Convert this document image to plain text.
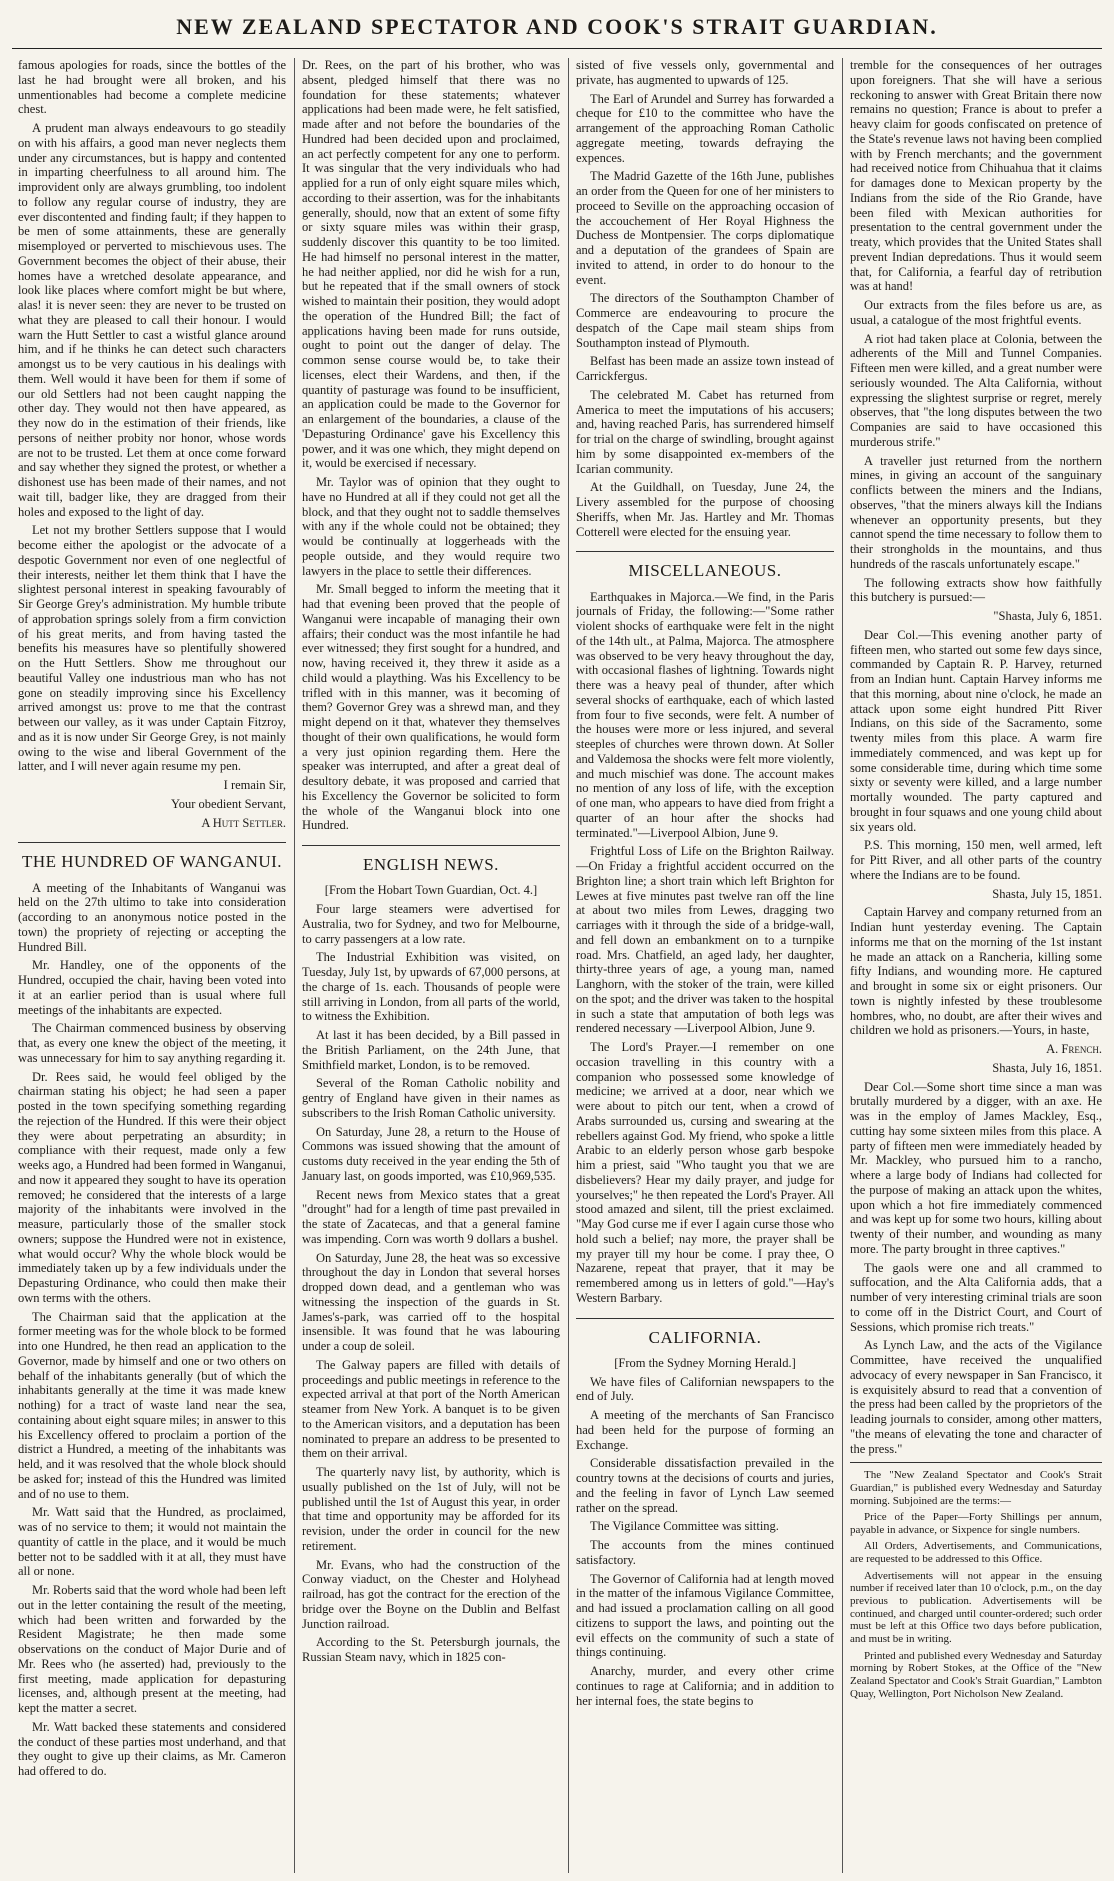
NEW ZEALAND SPECTATOR AND COOK'S STRAIT GUARDIAN.

famous apologies for roads, since the bottles of the last he had brought were all broken, and his unmentionables had become a complete medicine chest.

A prudent man always endeavours to go steadily on with his affairs, a good man never neglects them under any circumstances, but is happy and contented in imparting cheerfulness to all around him. The improvident only are always grumbling, too indolent to follow any regular course of industry, they are ever discontented and finding fault; if they happen to be men of some attainments, these are generally misemployed or perverted to mischievous uses. The Government becomes the object of their abuse, their homes have a wretched desolate appearance, and look like places where comfort might be but where, alas! it is never seen: they are never to be trusted on what they are pleased to call their honour. I would warn the Hutt Settler to cast a wistful glance around him, and if he thinks he can detect such characters amongst us to be very cautious in his dealings with them. Well would it have been for them if some of our old Settlers had not been caught napping the other day. They would not then have appeared, as they now do in the estimation of their friends, like persons of neither probity nor honor, whose words are not to be trusted. Let them at once come forward and say whether they signed the protest, or whether a dishonest use has been made of their names, and not wait till, badger like, they are dragged from their holes and exposed to the light of day.

Let not my brother Settlers suppose that I would become either the apologist or the advocate of a despotic Government nor even of one neglectful of their interests, neither let them think that I have the slightest personal interest in speaking favourably of Sir George Grey's administration. My humble tribute of approbation springs solely from a firm conviction of his great merits, and from having tasted the benefits his measures have so plentifully showered on the Hutt Settlers. Show me throughout our beautiful Valley one industrious man who has not gone on steadily improving since his Excellency arrived amongst us: prove to me that the contrast between our valley, as it was under Captain Fitzroy, and as it is now under Sir George Grey, is not mainly owing to the wise and liberal Government of the latter, and I will never again resume my pen.

I remain Sir,

Your obedient Servant,

A Hutt Settler.

THE HUNDRED OF WANGANUI.

A meeting of the Inhabitants of Wanganui was held on the 27th ultimo to take into consideration (according to an anonymous notice posted in the town) the propriety of rejecting or accepting the Hundred Bill.

Mr. Handley, one of the opponents of the Hundred, occupied the chair, having been voted into it at an earlier period than is usual where full meetings of the inhabitants are expected.

The Chairman commenced business by observing that, as every one knew the object of the meeting, it was unnecessary for him to say anything regarding it.

Dr. Rees said, he would feel obliged by the chairman stating his object; he had seen a paper posted in the town specifying something regarding the rejection of the Hundred. If this were their object they were about perpetrating an absurdity; in compliance with their request, made only a few weeks ago, a Hundred had been formed in Wanganui, and now it appeared they sought to have its operation removed; he considered that the interests of a large majority of the inhabitants were involved in the measure, particularly those of the smaller stock owners; suppose the Hundred were not in existence, what would occur? Why the whole block would be immediately taken up by a few individuals under the Depasturing Ordinance, who could then make their own terms with the others.

The Chairman said that the application at the former meeting was for the whole block to be formed into one Hundred, he then read an application to the Governor, made by himself and one or two others on behalf of the inhabitants generally (but of which the inhabitants generally at the time it was made knew nothing) for a tract of waste land near the sea, containing about eight square miles; in answer to this his Excellency offered to proclaim a portion of the district a Hundred, a meeting of the inhabitants was held, and it was resolved that the whole block should be asked for; instead of this the Hundred was limited and of no use to them.

Mr. Watt said that the Hundred, as proclaimed, was of no service to them; it would not maintain the quantity of cattle in the place, and it would be much better not to be saddled with it at all, they must have all or none.

Mr. Roberts said that the word whole had been left out in the letter containing the result of the meeting, which had been written and forwarded by the Resident Magistrate; he then made some observations on the conduct of Major Durie and of Mr. Rees who (he asserted) had, previously to the first meeting, made application for depasturing licenses, and, although present at the meeting, had kept the matter a secret.

Mr. Watt backed these statements and considered the conduct of these parties most underhand, and that they ought to give up their claims, as Mr. Cameron had offered to do.

Dr. Rees, on the part of his brother, who was absent, pledged himself that there was no foundation for these statements; whatever applications had been made were, he felt satisfied, made after and not before the boundaries of the Hundred had been decided upon and proclaimed, an act perfectly competent for any one to perform. It was singular that the very individuals who had applied for a run of only eight square miles which, according to their assertion, was for the inhabitants generally, should, now that an extent of some fifty or sixty square miles was within their grasp, suddenly discover this quantity to be too limited. He had himself no personal interest in the matter, he had neither applied, nor did he wish for a run, but he repeated that if the small owners of stock wished to maintain their position, they would adopt the operation of the Hundred Bill; the fact of applications having been made for runs outside, ought to point out the danger of delay. The common sense course would be, to take their licenses, elect their Wardens, and then, if the quantity of pasturage was found to be insufficient, an application could be made to the Governor for an enlargement of the boundaries, a clause of the 'Depasturing Ordinance' gave his Excellency this power, and it was one which, they might depend on it, would be exercised if necessary.

Mr. Taylor was of opinion that they ought to have no Hundred at all if they could not get all the block, and that they ought not to saddle themselves with any if the whole could not be obtained; they would be continually at loggerheads with the people outside, and they would require two lawyers in the place to settle their differences.

Mr. Small begged to inform the meeting that it had that evening been proved that the people of Wanganui were incapable of managing their own affairs; their conduct was the most infantile he had ever witnessed; they first sought for a hundred, and now, having received it, they threw it aside as a child would a plaything. Was his Excellency to be trifled with in this manner, was it becoming of them? Governor Grey was a shrewd man, and they might depend on it that, whatever they themselves thought of their own qualifications, he would form a very just opinion regarding them. Here the speaker was interrupted, and after a great deal of desultory debate, it was proposed and carried that his Excellency the Governor be solicited to form the whole of the Wanganui block into one Hundred.

ENGLISH NEWS.

[From the Hobart Town Guardian, Oct. 4.]

Four large steamers were advertised for Australia, two for Sydney, and two for Melbourne, to carry passengers at a low rate.

The Industrial Exhibition was visited, on Tuesday, July 1st, by upwards of 67,000 persons, at the charge of 1s. each. Thousands of people were still arriving in London, from all parts of the world, to witness the Exhibition.

At last it has been decided, by a Bill passed in the British Parliament, on the 24th June, that Smithfield market, London, is to be removed.

Several of the Roman Catholic nobility and gentry of England have given in their names as subscribers to the Irish Roman Catholic university.

On Saturday, June 28, a return to the House of Commons was issued showing that the amount of customs duty received in the year ending the 5th of January last, on goods imported, was £10,969,535.

Recent news from Mexico states that a great "drought" had for a length of time past prevailed in the state of Zacatecas, and that a general famine was impending. Corn was worth 9 dollars a bushel.

On Saturday, June 28, the heat was so excessive throughout the day in London that several horses dropped down dead, and a gentleman who was witnessing the inspection of the guards in St. James's-park, was carried off to the hospital insensible. It was found that he was labouring under a coup de soleil.

The Galway papers are filled with details of proceedings and public meetings in reference to the expected arrival at that port of the North American steamer from New York. A banquet is to be given to the American visitors, and a deputation has been nominated to prepare an address to be presented to them on their arrival.

The quarterly navy list, by authority, which is usually published on the 1st of July, will not be published until the 1st of August this year, in order that time and opportunity may be afforded for its revision, under the order in council for the new retirement.

Mr. Evans, who had the construction of the Conway viaduct, on the Chester and Holyhead railroad, has got the contract for the erection of the bridge over the Boyne on the Dublin and Belfast Junction railroad.

According to the St. Petersburgh journals, the Russian Steam navy, which in 1825 con-

sisted of five vessels only, governmental and private, has augmented to upwards of 125.

The Earl of Arundel and Surrey has forwarded a cheque for £10 to the committee who have the arrangement of the approaching Roman Catholic aggregate meeting, towards defraying the expences.

The Madrid Gazette of the 16th June, publishes an order from the Queen for one of her ministers to proceed to Seville on the approaching occasion of the accouchement of Her Royal Highness the Duchess de Montpensier. The corps diplomatique and a deputation of the grandees of Spain are invited to attend, in order to do honour to the event.

The directors of the Southampton Chamber of Commerce are endeavouring to procure the despatch of the Cape mail steam ships from Southampton instead of Plymouth.

Belfast has been made an assize town instead of Carrickfergus.

The celebrated M. Cabet has returned from America to meet the imputations of his accusers; and, having reached Paris, has surrendered himself for trial on the charge of swindling, brought against him by some disappointed ex-members of the Icarian community.

At the Guildhall, on Tuesday, June 24, the Livery assembled for the purpose of choosing Sheriffs, when Mr. Jas. Hartley and Mr. Thomas Cotterell were elected for the ensuing year.

MISCELLANEOUS.

Earthquakes in Majorca.—We find, in the Paris journals of Friday, the following:—"Some rather violent shocks of earthquake were felt in the night of the 14th ult., at Palma, Majorca. The atmosphere was observed to be very heavy throughout the day, with occasional flashes of lightning. Towards night there was a heavy peal of thunder, after which several shocks of earthquake, each of which lasted from four to five seconds, were felt. A number of the houses were more or less injured, and several steeples of churches were thrown down. At Soller and Valdemosa the shocks were felt more violently, and much mischief was done. The account makes no mention of any loss of life, with the exception of one man, who appears to have died from fright a quarter of an hour after the shocks had terminated."—Liverpool Albion, June 9.

Frightful Loss of Life on the Brighton Railway.—On Friday a frightful accident occurred on the Brighton line; a short train which left Brighton for Lewes at five minutes past twelve ran off the line at about two miles from Lewes, dragging two carriages with it through the side of a bridge-wall, and fell down an embankment on to a turnpike road. Mrs. Chatfield, an aged lady, her daughter, thirty-three years of age, a young man, named Langhorn, with the stoker of the train, were killed on the spot; and the driver was taken to the hospital in such a state that amputation of both legs was rendered necessary —Liverpool Albion, June 9.

The Lord's Prayer.—I remember on one occasion travelling in this country with a companion who possessed some knowledge of medicine; we arrived at a door, near which we were about to pitch our tent, when a crowd of Arabs surrounded us, cursing and swearing at the rebellers against God. My friend, who spoke a little Arabic to an elderly person whose garb bespoke him a priest, said "Who taught you that we are disbelievers? Hear my daily prayer, and judge for yourselves;" he then repeated the Lord's Prayer. All stood amazed and silent, till the priest exclaimed. "May God curse me if ever I again curse those who hold such a belief; nay more, the prayer shall be my prayer till my hour be come. I pray thee, O Nazarene, repeat that prayer, that it may be remembered among us in letters of gold."—Hay's Western Barbary.

CALIFORNIA.

[From the Sydney Morning Herald.]

We have files of Californian newspapers to the end of July.

A meeting of the merchants of San Francisco had been held for the purpose of forming an Exchange.

Considerable dissatisfaction prevailed in the country towns at the decisions of courts and juries, and the feeling in favor of Lynch Law seemed rather on the spread.

The Vigilance Committee was sitting.

The accounts from the mines continued satisfactory.

The Governor of California had at length moved in the matter of the infamous Vigilance Committee, and had issued a proclamation calling on all good citizens to support the laws, and pointing out the evil effects on the community of such a state of things continuing.

Anarchy, murder, and every other crime continues to rage at California; and in addition to her internal foes, the state begins to

tremble for the consequences of her outrages upon foreigners. That she will have a serious reckoning to answer with Great Britain there now remains no question; France is about to prefer a heavy claim for goods confiscated on pretence of the State's revenue laws not having been complied with by French merchants; and the government had received notice from Chihuahua that it claims for damages done to Mexican property by the Indians from the side of the Rio Grande, have been filed with Mexican authorities for presentation to the central government under the treaty, which provides that the United States shall prevent Indian depredations. Thus it would seem that, for California, a fearful day of retribution was at hand!

Our extracts from the files before us are, as usual, a catalogue of the most frightful events.

A riot had taken place at Colonia, between the adherents of the Mill and Tunnel Companies. Fifteen men were killed, and a great number were seriously wounded. The Alta California, without expressing the slightest surprise or regret, merely observes, that "the long disputes between the two Companies are said to have occasioned this murderous strife."

A traveller just returned from the northern mines, in giving an account of the sanguinary conflicts between the miners and the Indians, observes, "that the miners always kill the Indians whenever an opportunity presents, but they cannot spend the time necessary to follow them to their strongholds in the mountains, and thus hundreds of the rascals unfortunately escape."

The following extracts show how faithfully this butchery is pursued:—

"Shasta, July 6, 1851.

Dear Col.—This evening another party of fifteen men, who started out some few days since, commanded by Captain R. P. Harvey, returned from an Indian hunt. Captain Harvey informs me that this morning, about nine o'clock, he made an attack upon some eight hundred Pitt River Indians, on this side of the Sacramento, some twenty miles from this place. A warm fire immediately commenced, and was kept up for some considerable time, during which time some sixty or seventy were killed, and a large number mortally wounded. The party captured and brought in four squaws and one young child about six years old.

P.S. This morning, 150 men, well armed, left for Pitt River, and all other parts of the country where the Indians are to be found.

Shasta, July 15, 1851.

Captain Harvey and company returned from an Indian hunt yesterday evening. The Captain informs me that on the morning of the 1st instant he made an attack on a Rancheria, killing some fifty Indians, and wounding more. He captured and brought in some six or eight prisoners. Our town is nightly infested by these troublesome hombres, who, no doubt, are after their wives and children we hold as prisoners.—Yours, in haste,

A. French.

Shasta, July 16, 1851.

Dear Col.—Some short time since a man was brutally murdered by a digger, with an axe. He was in the employ of James Mackley, Esq., cutting hay some sixteen miles from this place. A party of fifteen men were immediately headed by Mr. Mackley, who pursued him to a rancho, where a large body of Indians had collected for the purpose of making an attack upon the whites, upon which a hot fire immediately commenced and was kept up for some two hours, killing about twenty of their number, and wounding as many more. The party brought in three captives."

The gaols were one and all crammed to suffocation, and the Alta California adds, that a number of very interesting criminal trials are soon to come off in the District Court, and Court of Sessions, which promise rich treats."

As Lynch Law, and the acts of the Vigilance Committee, have received the unqualified advocacy of every newspaper in San Francisco, it is exquisitely absurd to read that a convention of the press had been called by the proprietors of the leading journals to consider, among other matters, "the means of elevating the tone and character of the press."

The "New Zealand Spectator and Cook's Strait Guardian," is published every Wednesday and Saturday morning. Subjoined are the terms:—

Price of the Paper—Forty Shillings per annum, payable in advance, or Sixpence for single numbers.

All Orders, Advertisements, and Communications, are requested to be addressed to this Office.

Advertisements will not appear in the ensuing number if received later than 10 o'clock, p.m., on the day previous to publication. Advertisements will be continued, and charged until counter-ordered; such order must be left at this Office two days before publication, and must be in writing.

Printed and published every Wednesday and Saturday morning by Robert Stokes, at the Office of the "New Zealand Spectator and Cook's Strait Guardian," Lambton Quay, Wellington, Port Nicholson New Zealand.
